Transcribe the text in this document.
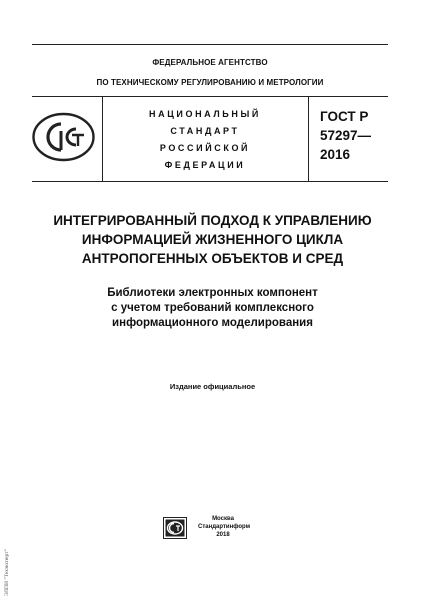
ФЕДЕРАЛЬНОЕ АГЕНТСТВО
ПО ТЕХНИЧЕСКОМУ РЕГУЛИРОВАНИЮ И МЕТРОЛОГИИ
НАЦИОНАЛЬНЫЙ
СТАНДАРТ
РОССИЙСКОЙ
ФЕДЕРАЦИИ
ГОСТ Р
57297—
2016
ИНТЕГРИРОВАННЫЙ ПОДХОД К УПРАВЛЕНИЮ
ИНФОРМАЦИЕЙ ЖИЗНЕННОГО ЦИКЛА
АНТРОПОГЕННЫХ ОБЪЕКТОВ И СРЕД
Библиотеки электронных компонент
с учетом требований комплексного
информационного моделирования
Издание официальное
Москва
Стандартинформ
2018
ЭЛПИ "Техэксперт"
